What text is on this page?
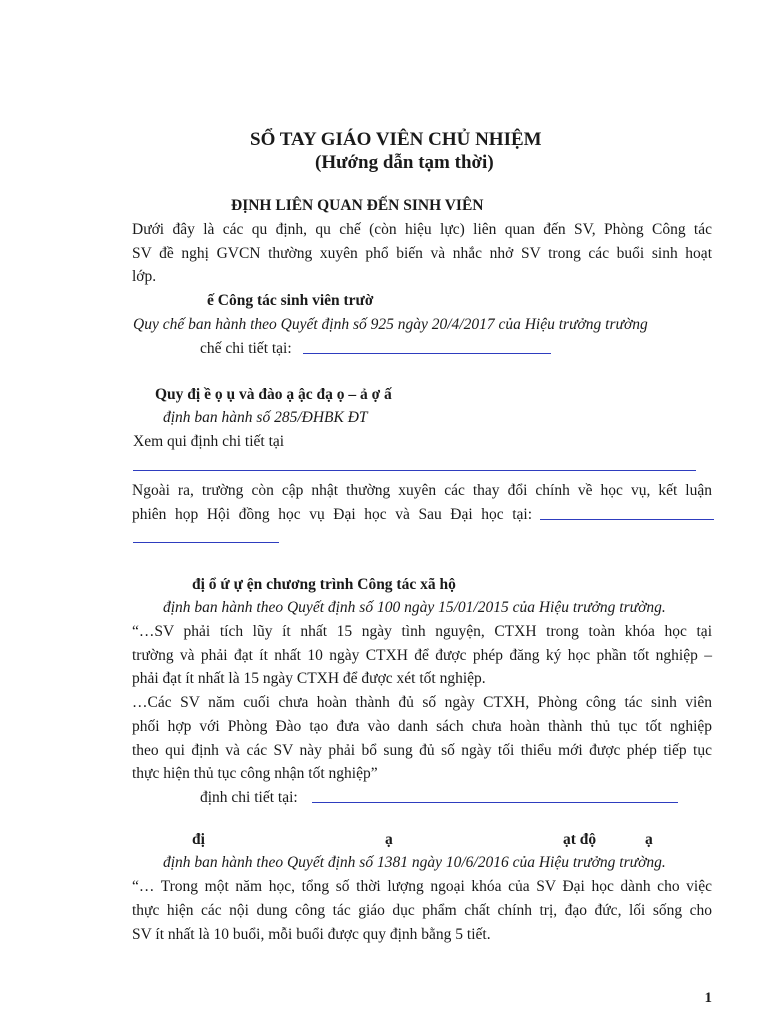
SỔ TAY GIÁO VIÊN CHỦ NHIỆM
(Hướng dẫn tạm thời)
ĐỊNH LIÊN QUAN ĐẾN SINH VIÊN
Dưới đây là các qu định, qu chế (còn hiệu lực) liên quan đến SV, Phòng Công tác
SV đề nghị GVCN thường xuyên phổ biến và nhắc nhở SV trong các buổi sinh hoạt
lớp.
ế Công tác sinh viên trườ
Quy chế ban hành theo Quyết định số 925 ngày 20/4/2017 của Hiệu trưởng trường
chế chi tiết tại:
Quy đị ề ọ ụ và đào ạ ậc đạ ọ – ả ợ ấ
định ban hành số 285/ĐHBK ĐT
Xem qui định chi tiết tại
Ngoài ra, trường còn cập nhật thường xuyên các thay đổi chính về học vụ, kết luận
phiên họp Hội đồng học vụ Đại học và Sau Đại học tại:
đị ổ ứ ự ện chương trình Công tác xã hộ
định ban hành theo Quyết định số 100 ngày 15/01/2015 của Hiệu trưởng trường.
“…SV phải tích lũy ít nhất 15 ngày tình nguyện, CTXH trong toàn khóa học tại
trường và phải đạt ít nhất 10 ngày CTXH để được phép đăng ký học phần tốt nghiệp –
phải đạt ít nhất là 15 ngày CTXH để được xét tốt nghiệp.
…Các SV năm cuối chưa hoàn thành đủ số ngày CTXH, Phòng công tác sinh viên
phối hợp với Phòng Đào tạo đưa vào danh sách chưa hoàn thành thủ tục tốt nghiệp
theo qui định và các SV này phải bổ sung đủ số ngày tối thiểu mới được phép tiếp tục
thực hiện thủ tục công nhận tốt nghiệp”
định chi tiết tại:
đị	ạ	ạt độ	ạ
định ban hành theo Quyết định số 1381 ngày 10/6/2016 của Hiệu trưởng trường.
“… Trong một năm học, tổng số thời lượng ngoại khóa của SV Đại học dành cho việc
thực hiện các nội dung công tác giáo dục phẩm chất chính trị, đạo đức, lối sống cho
SV ít nhất là 10 buổi, mỗi buổi được quy định bằng 5 tiết.
1
